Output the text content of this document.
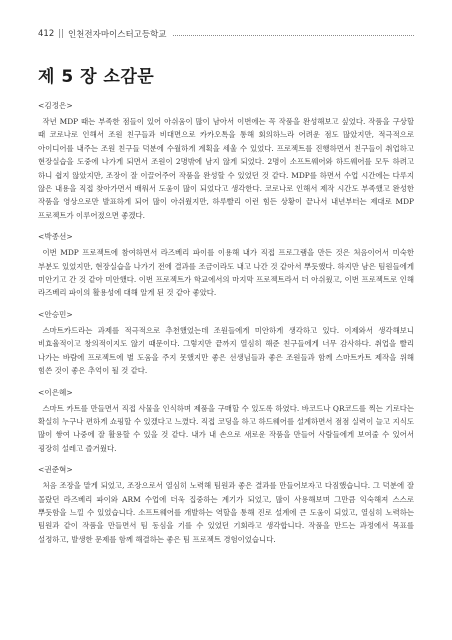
412 || 인천전자마이스터고등학교
제 5 장 소감문
<김정은>

작년 MDP 때는 부족한 점들이 있어 아쉬움이 많이 남아서 이번에는 꼭 작품을 완성해보고 싶었다. 작품을 구상할 때 코로나로 인해서 조원 친구들과 비대면으로 카카오톡을 통해 회의하느라 어려운 점도 많았지만, 적극적으로 아이디어를 내주는 조원 친구들 덕분에 수월하게 계획을 세울 수 있었다. 프로젝트를 진행하면서 친구들이 취업하고 현장실습을 도중에 나가게 되면서 조원이 2명밖에 남지 않게 되었다. 2명이 소프트웨어와 하드웨어를 모두 하려고 하니 쉽지 않았지만, 조장이 잘 이끌어주어 작품을 완성할 수 있었던 것 같다. MDP를 하면서 수업 시간에는 다루지 않은 내용을 직접 찾아가면서 배워서 도움이 많이 되었다고 생각한다. 코로나로 인해서 제작 시간도 부족했고 완성한 작품을 영상으로만 발표하게 되어 많이 아쉬웠지만, 하루빨리 이런 힘든 상황이 끝나서 내년부터는 제대로 MDP 프로젝트가 이루어졌으면 좋겠다.

<박종선>

이번 MDP 프로젝트에 참여하면서 라즈베리 파이를 이용해 내가 직접 프로그램을 만든 것은 처음이어서 미숙한 부분도 있었지만, 현장실습을 나가기 전에 결과를 조금이라도 내고 나간 것 같아서 뿌듯했다. 하지만 남은 팀원들에게 미안기고 간 것 같아 미안했다. 이번 프로젝트가 학교에서의 마지막 프로젝트라서 더 아쉬웠고, 이번 프로젝트로 인해 라즈베리 파이의 활용성에 대해 알게 된 것 같아 좋았다.

<안승민>

스마트카드라는 과제를 적극적으로 추천했었는데 조원들에게 미안하게 생각하고 있다. 이제와서 생각해보니 비효율적이고 창의적이지도 않기 때문이다. 그렇지만 끝까지 열심히 해준 친구들에게 너무 감사하다. 취업을 빨리 나가는 바람에 프로젝트에 별 도움을 주지 못했지만 좋은 선생님들과 좋은 조원들과 함께 스마트카트 제작을 위해 힘쓴 것이 좋은 추억이 될 것 같다.

<이은혜>

스마트 카트를 만들면서 직접 사물을 인식하며 제품을 구매할 수 있도록 하였다. 바코드나 QR코드를 찍는 기로다는 확실히 누구나 편하게 쇼핑할 수 있겠다고 느꼈다. 직접 코딩을 하고 하드웨어를 설계하면서 점점 실력이 늘고 지식도 많이 쌓여 나중에 잘 활용할 수 있을 것 같다. 내가 내 손으로 새로운 작품을 만들어 사람들에게 보여줄 수 있어서 굉장히 설레고 즐거웠다.

<권준혁>

처음 조장을 맡게 되었고, 조장으로서 열심히 노력해 팀원과 좋은 결과를 만들어보자고 다짐했습니다. 그 덕분에 잘 몰랐던 라즈베리 파이와 ARM 수업에 더욱 집중하는 계기가 되었고, 많이 사용해보며 그만큼 익숙해져 스스로 뿌듯함을 느낄 수 있었습니다. 소프트웨어를 개발하는 역할을 통해 진로 설계에 큰 도움이 되었고, 열심히 노력하는 팀원과 같이 작품을 만들면서 팀 동심을 기를 수 있었던 기회라고 생각합니다. 작품을 만드는 과정에서 목표를 설정하고, 발생한 문제를 함께 해결하는 좋은 팀 프로젝트 경험이었습니다.
